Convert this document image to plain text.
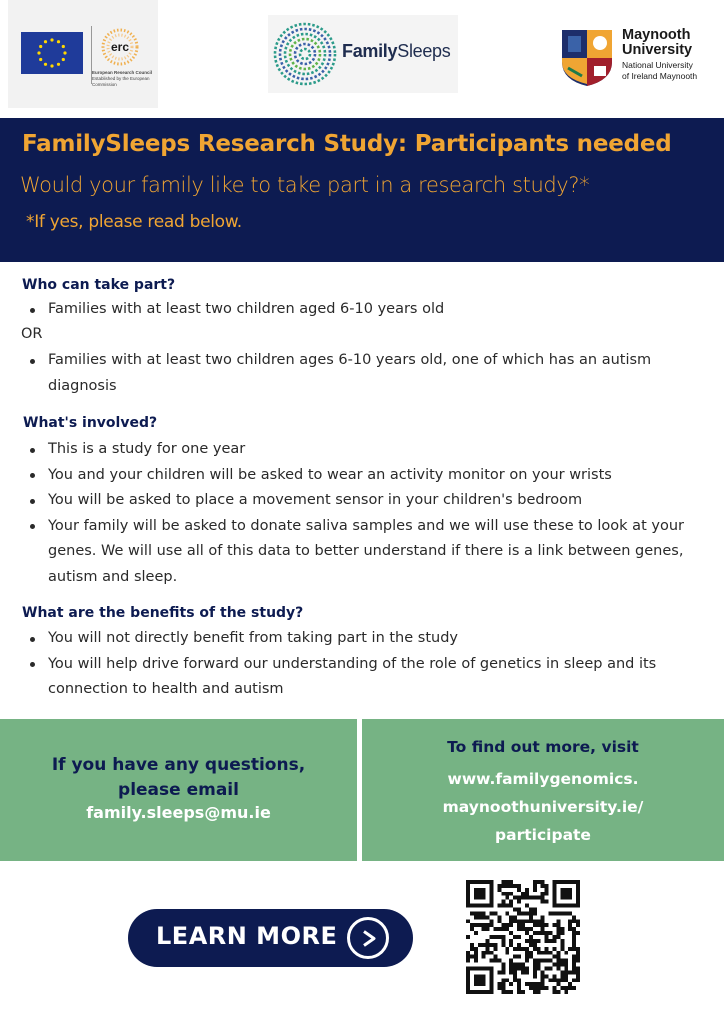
erc
European Research Council
Established by the European Commission
FamilySleeps
Maynooth
University
National University
of Ireland Maynooth
FamilySleeps Research Study: Participants needed
Would your family like to take part in a research study?*
*If yes, please read below.
Who can take part?
Families with at least two children aged 6-10 years old
OR
Families with at least two children ages 6-10 years old, one of which has an autism diagnosis
What's involved?
This is a study for one year
You and your children will be asked to wear an activity monitor on your wrists
You will be asked to place a movement sensor in your children's bedroom
Your family will be asked to donate saliva samples and we will use these to look at your genes. We will use all of this data to better understand if there is a link between genes, autism and sleep.
What are the benefits of the study?
You will not directly benefit from taking part in the study
You will help drive forward our understanding of the role of genetics in sleep and its connection to health and autism
If you have any questions,
please email
family.sleeps@mu.ie
To find out more, visit
www.familygenomics.
maynoothuniversity.ie/
participate
LEARN MORE
